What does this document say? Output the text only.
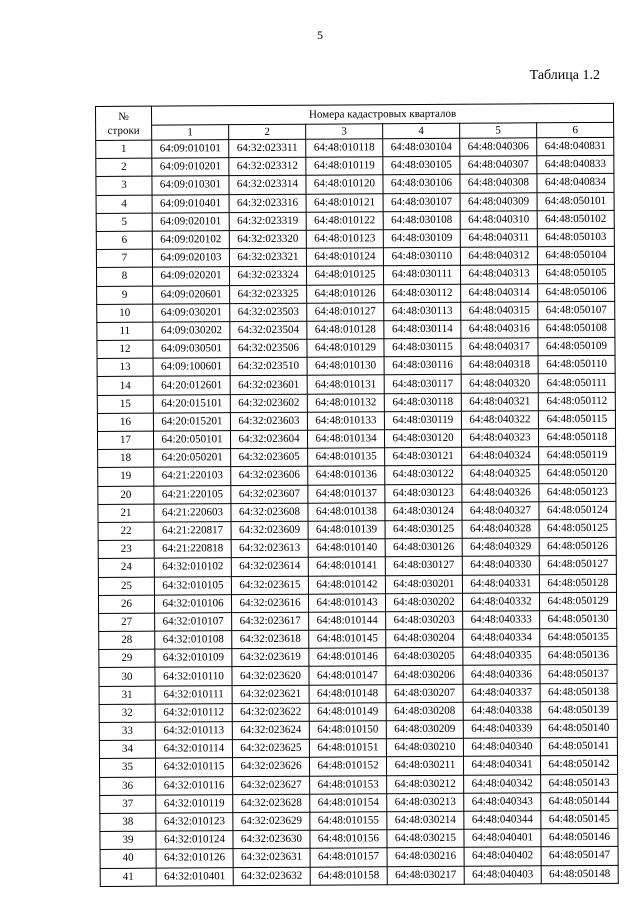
5
Таблица 1.2
№
строки	Номера кадастровых кварталов					
	1	2	3	4	5	6
1	64:09:010101	64:32:023311	64:48:010118	64:48:030104	64:48:040306	64:48:040831
2	64:09:010201	64:32:023312	64:48:010119	64:48:030105	64:48:040307	64:48:040833
3	64:09:010301	64:32:023314	64:48:010120	64:48:030106	64:48:040308	64:48:040834
4	64:09:010401	64:32:023316	64:48:010121	64:48:030107	64:48:040309	64:48:050101
5	64:09:020101	64:32:023319	64:48:010122	64:48:030108	64:48:040310	64:48:050102
6	64:09:020102	64:32:023320	64:48:010123	64:48:030109	64:48:040311	64:48:050103
7	64:09:020103	64:32:023321	64:48:010124	64:48:030110	64:48:040312	64:48:050104
8	64:09:020201	64:32:023324	64:48:010125	64:48:030111	64:48:040313	64:48:050105
9	64:09:020601	64:32:023325	64:48:010126	64:48:030112	64:48:040314	64:48:050106
10	64:09:030201	64:32:023503	64:48:010127	64:48:030113	64:48:040315	64:48:050107
11	64:09:030202	64:32:023504	64:48:010128	64:48:030114	64:48:040316	64:48:050108
12	64:09:030501	64:32:023506	64:48:010129	64:48:030115	64:48:040317	64:48:050109
13	64:09:100601	64:32:023510	64:48:010130	64:48:030116	64:48:040318	64:48:050110
14	64:20:012601	64:32:023601	64:48:010131	64:48:030117	64:48:040320	64:48:050111
15	64:20:015101	64:32:023602	64:48:010132	64:48:030118	64:48:040321	64:48:050112
16	64:20:015201	64:32:023603	64:48:010133	64:48:030119	64:48:040322	64:48:050115
17	64:20:050101	64:32:023604	64:48:010134	64:48:030120	64:48:040323	64:48:050118
18	64:20:050201	64:32:023605	64:48:010135	64:48:030121	64:48:040324	64:48:050119
19	64:21:220103	64:32:023606	64:48:010136	64:48:030122	64:48:040325	64:48:050120
20	64:21:220105	64:32:023607	64:48:010137	64:48:030123	64:48:040326	64:48:050123
21	64:21:220603	64:32:023608	64:48:010138	64:48:030124	64:48:040327	64:48:050124
22	64:21:220817	64:32:023609	64:48:010139	64:48:030125	64:48:040328	64:48:050125
23	64:21:220818	64:32:023613	64:48:010140	64:48:030126	64:48:040329	64:48:050126
24	64:32:010102	64:32:023614	64:48:010141	64:48:030127	64:48:040330	64:48:050127
25	64:32:010105	64:32:023615	64:48:010142	64:48:030201	64:48:040331	64:48:050128
26	64:32:010106	64:32:023616	64:48:010143	64:48:030202	64:48:040332	64:48:050129
27	64:32:010107	64:32:023617	64:48:010144	64:48:030203	64:48:040333	64:48:050130
28	64:32:010108	64:32:023618	64:48:010145	64:48:030204	64:48:040334	64:48:050135
29	64:32:010109	64:32:023619	64:48:010146	64:48:030205	64:48:040335	64:48:050136
30	64:32:010110	64:32:023620	64:48:010147	64:48:030206	64:48:040336	64:48:050137
31	64:32:010111	64:32:023621	64:48:010148	64:48:030207	64:48:040337	64:48:050138
32	64:32:010112	64:32:023622	64:48:010149	64:48:030208	64:48:040338	64:48:050139
33	64:32:010113	64:32:023624	64:48:010150	64:48:030209	64:48:040339	64:48:050140
34	64:32:010114	64:32:023625	64:48:010151	64:48:030210	64:48:040340	64:48:050141
35	64:32:010115	64:32:023626	64:48:010152	64:48:030211	64:48:040341	64:48:050142
36	64:32:010116	64:32:023627	64:48:010153	64:48:030212	64:48:040342	64:48:050143
37	64:32:010119	64:32:023628	64:48:010154	64:48:030213	64:48:040343	64:48:050144
38	64:32:010123	64:32:023629	64:48:010155	64:48:030214	64:48:040344	64:48:050145
39	64:32:010124	64:32:023630	64:48:010156	64:48:030215	64:48:040401	64:48:050146
40	64:32:010126	64:32:023631	64:48:010157	64:48:030216	64:48:040402	64:48:050147
41	64:32:010401	64:32:023632	64:48:010158	64:48:030217	64:48:040403	64:48:050148
